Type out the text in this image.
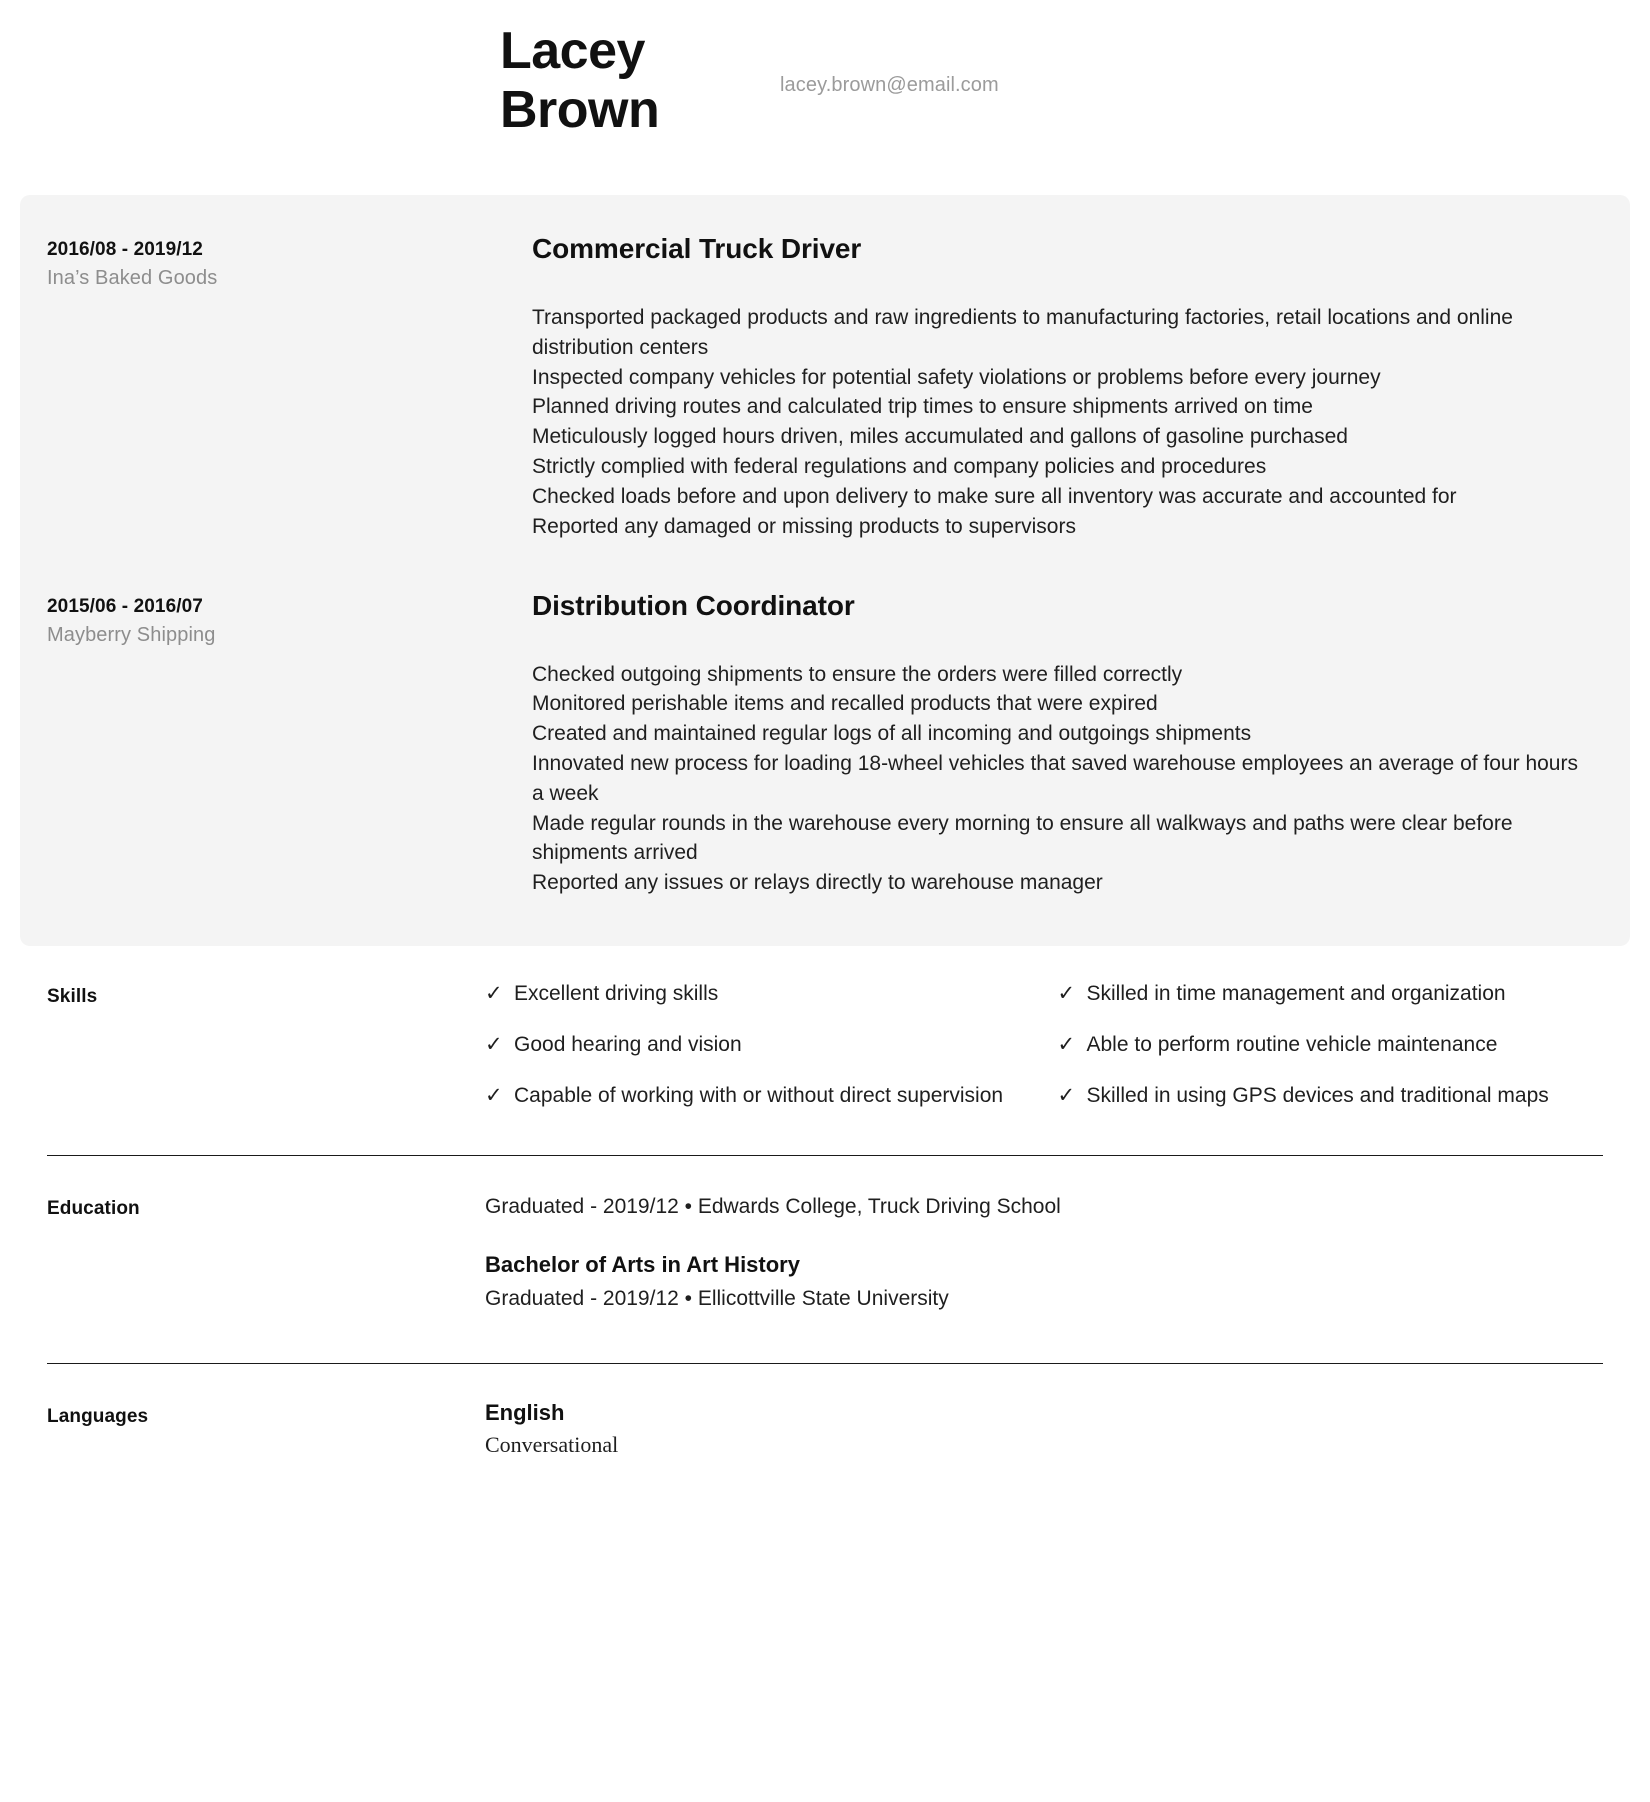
Lacey
Brown	lacey.brown@email.com
2016/08 - 2019/12
Ina’s Baked Goods
Commercial Truck Driver
Transported packaged products and raw ingredients to manufacturing factories, retail locations and online distribution centers
Inspected company vehicles for potential safety violations or problems before every journey
Planned driving routes and calculated trip times to ensure shipments arrived on time
Meticulously logged hours driven, miles accumulated and gallons of gasoline purchased
Strictly complied with federal regulations and company policies and procedures
Checked loads before and upon delivery to make sure all inventory was accurate and accounted for
Reported any damaged or missing products to supervisors
2015/06 - 2016/07
Mayberry Shipping
Distribution Coordinator
Checked outgoing shipments to ensure the orders were filled correctly
Monitored perishable items and recalled products that were expired
Created and maintained regular logs of all incoming and outgoings shipments
Innovated new process for loading 18-wheel vehicles that saved warehouse employees an average of four hours a week
Made regular rounds in the warehouse every morning to ensure all walkways and paths were clear before shipments arrived
Reported any issues or relays directly to warehouse manager
Skills	✓ Excellent driving skills	✓ Skilled in time management and organization
✓ Good hearing and vision	✓ Able to perform routine vehicle maintenance
✓ Capable of working with or without direct supervision	✓ Skilled in using GPS devices and traditional maps
Education	Graduated - 2019/12 • Edwards College, Truck Driving School
Bachelor of Arts in Art History
Graduated - 2019/12 • Ellicottville State University
Languages	English
Conversational
